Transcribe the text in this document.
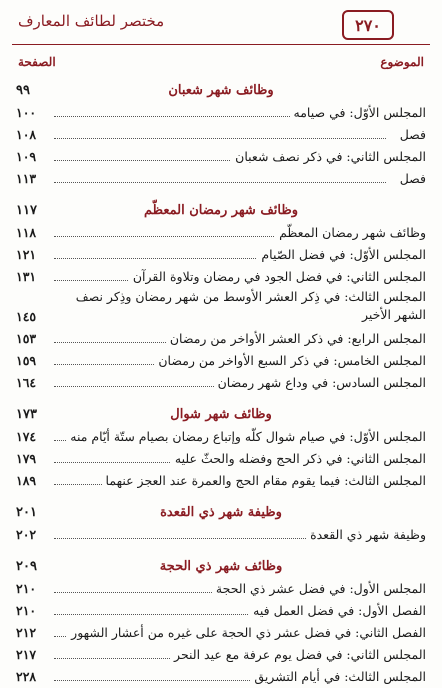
مختصر لطائف المعارف	٢٧٠
الموضوع
الصفحة
وظائف شهر شعبان
٩٩
المجلس الأوّل: في صيامه
١٠٠
فصل
١٠٨
المجلس الثاني: في ذكر نصف شعبان
١٠٩
فصل
١١٣
وظائف شهر رمضان المعظّم
١١٧
وظائف شهر رمضان المعظّم
١١٨
المجلس الأوّل: في فضل الصّيام
١٢١
المجلس الثاني: في فضل الجود في رمضان وتلاوة القرآن
١٣١
المجلس الثالث: في ذِكر العشر الأوسط من شهر رمضان وذِكر نصف الشهر الأخير
١٤٥
المجلس الرابع: في ذكر العشر الأواخر من رمضان
١٥٣
المجلس الخامس: في ذكر السبع الأواخر من رمضان
١٥٩
المجلس السادس: في وداع شهر رمضان
١٦٤
وظائف شهر شوال
١٧٣
المجلس الأوّل: في صيام شوال كلّه وإتباع رمضان بصيام ستّة أيّام منه
١٧٤
المجلس الثاني: في ذكر الحج وفضله والحثّ عليه
١٧٩
المجلس الثالث: فيما يقوم مقام الحج والعمرة عند العجز عنهما
١٨٩
وظيفة شهر ذي القعدة
٢٠١
وظيفة شهر ذي القعدة
٢٠٢
وظائف شهر ذي الحجة
٢٠٩
المجلس الأول: في فضل عشر ذي الحجة
٢١٠
الفصل الأول: في فضل العمل فيه
٢١٠
الفصل الثاني: في فضل عشر ذي الحجة على غيره من أعشار الشهور
٢١٢
المجلس الثاني: في فضل يوم عرفة مع عيد النحر
٢١٧
المجلس الثالث: في أيام التشريق
٢٢٨
